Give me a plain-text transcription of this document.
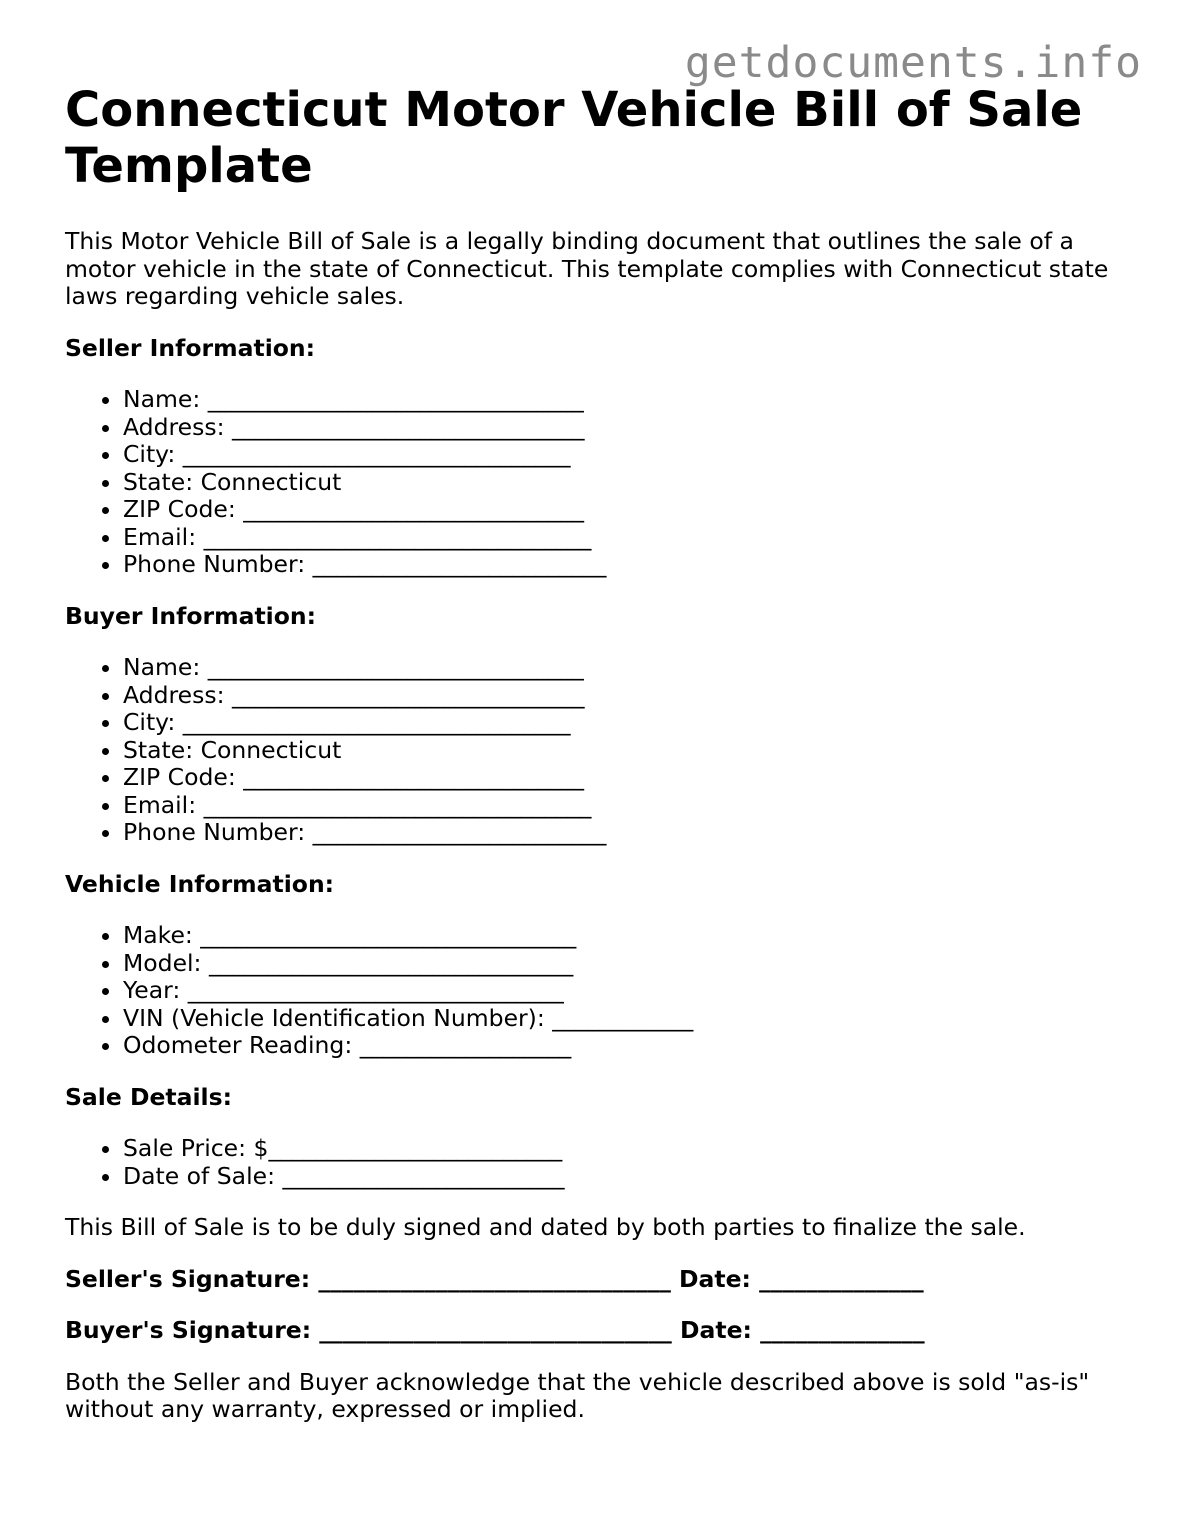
getdocuments.info
Connecticut Motor Vehicle Bill of Sale Template

This Motor Vehicle Bill of Sale is a legally binding document that outlines the sale of a motor vehicle in the state of Connecticut. This template complies with Connecticut state laws regarding vehicle sales.

Seller Information:

• Name: ________________________________
• Address: ______________________________
• City: _________________________________
• State: Connecticut
• ZIP Code: _____________________________
• Email: _________________________________
• Phone Number: _________________________

Buyer Information:

• Name: ________________________________
• Address: ______________________________
• City: _________________________________
• State: Connecticut
• ZIP Code: _____________________________
• Email: _________________________________
• Phone Number: _________________________

Vehicle Information:

• Make: ________________________________
• Model: _______________________________
• Year: ________________________________
• VIN (Vehicle Identification Number): ____________
• Odometer Reading: __________________

Sale Details:

• Sale Price: $_________________________
• Date of Sale: ________________________

This Bill of Sale is to be duly signed and dated by both parties to finalize the sale.

Seller's Signature: ______________________________ Date: ______________

Buyer's Signature: ______________________________ Date: ______________

Both the Seller and Buyer acknowledge that the vehicle described above is sold "as-is" without any warranty, expressed or implied.
